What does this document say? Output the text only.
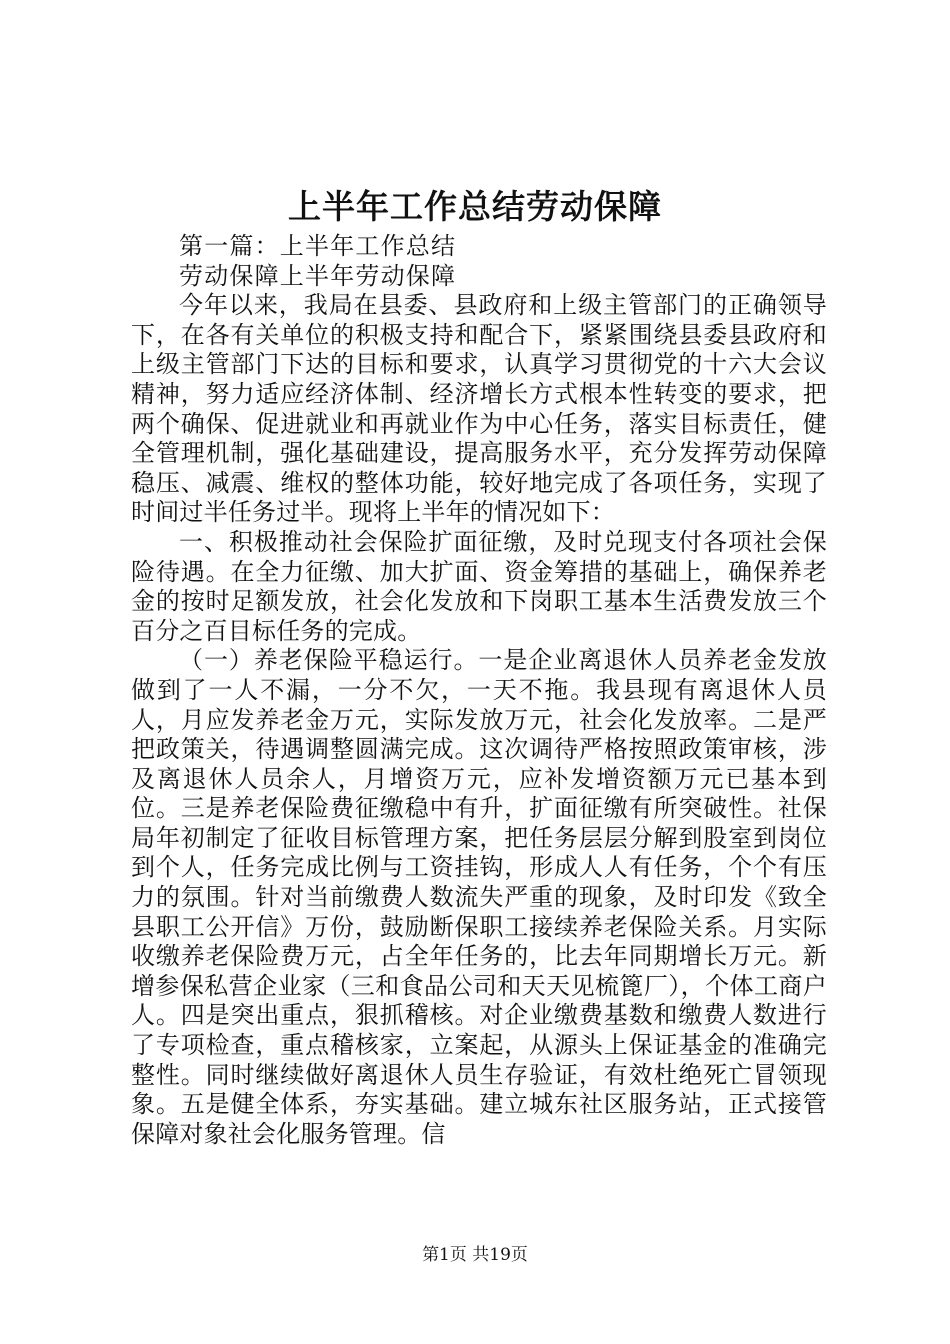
上半年工作总结劳动保障

第一篇：上半年工作总结

劳动保障上半年劳动保障

今年以来，我局在县委、县政府和上级主管部门的正确领导下，在各有关单位的积极支持和配合下，紧紧围绕县委县政府和上级主管部门下达的目标和要求，认真学习贯彻党的十六大会议精神，努力适应经济体制、经济增长方式根本性转变的要求，把两个确保、促进就业和再就业作为中心任务，落实目标责任，健全管理机制，强化基础建设，提高服务水平，充分发挥劳动保障稳压、减震、维权的整体功能，较好地完成了各项任务，实现了时间过半任务过半。现将上半年的情况如下：

一、积极推动社会保险扩面征缴，及时兑现支付各项社会保险待遇。在全力征缴、加大扩面、资金筹措的基础上，确保养老金的按时足额发放，社会化发放和下岗职工基本生活费发放三个百分之百目标任务的完成。

（一）养老保险平稳运行。一是企业离退休人员养老金发放做到了一人不漏，一分不欠，一天不拖。我县现有离退休人员人，月应发养老金万元，实际发放万元，社会化发放率。二是严把政策关，待遇调整圆满完成。这次调待严格按照政策审核，涉及离退休人员余人，月增资万元，应补发增资额万元已基本到位。三是养老保险费征缴稳中有升，扩面征缴有所突破性。社保局年初制定了征收目标管理方案，把任务层层分解到股室到岗位到个人，任务完成比例与工资挂钩，形成人人有任务，个个有压力的氛围。针对当前缴费人数流失严重的现象，及时印发《致全县职工公开信》万份，鼓励断保职工接续养老保险关系。月实际收缴养老保险费万元，占全年任务的，比去年同期增长万元。新增参保私营企业家（三和食品公司和天天见梳篦厂），个体工商户人。四是突出重点，狠抓稽核。对企业缴费基数和缴费人数进行了专项检查，重点稽核家，立案起，从源头上保证基金的准确完整性。同时继续做好离退休人员生存验证，有效杜绝死亡冒领现象。五是健全体系，夯实基础。建立城东社区服务站，正式接管保障对象社会化服务管理。信

第1页 共19页
